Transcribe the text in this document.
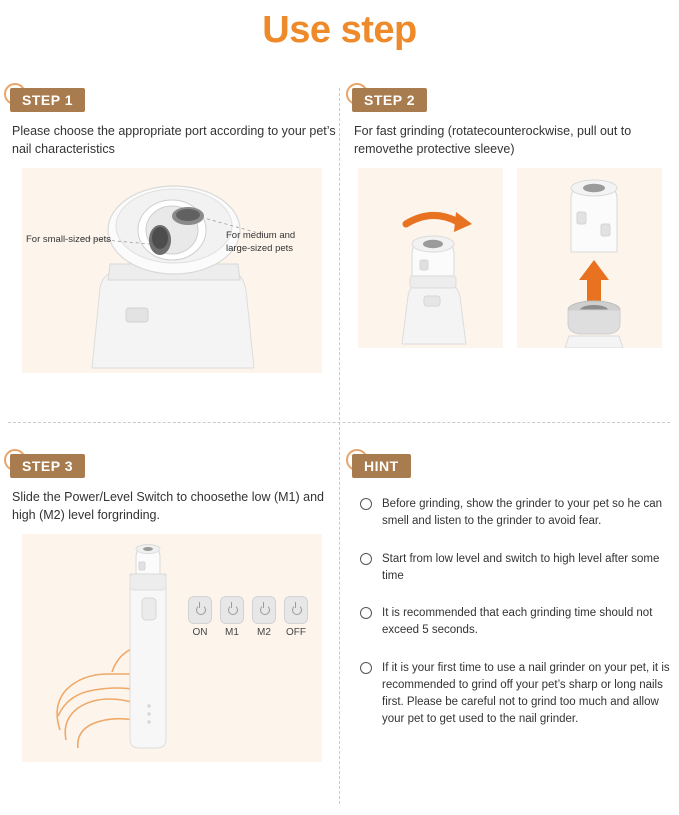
Use step
STEP 1

Please choose the appropriate port according to your pet’s nail characteristics

For small-sized pets	For medium and large-sized pets
STEP 2

For fast grinding (rotatecounterockwise, pull out to removethe protective sleeve)

STEP 3

Slide the Power/Level Switch to choosethe low (M1) and high (M2) level forgrinding.

ON	M1	M2	OFF
HINT
Before grinding, show the grinder to your pet so he can smell and listen to the grinder to avoid fear.
Start from low level and switch to high level after some time
It is recommended that each grinding time should not exceed 5 seconds.
If it is your first time to use a nail grinder on your pet, it is recommended to grind off your pet’s sharp or long nails first. Please be careful not to grind too much and allow your pet to get used to the nail grinder.
